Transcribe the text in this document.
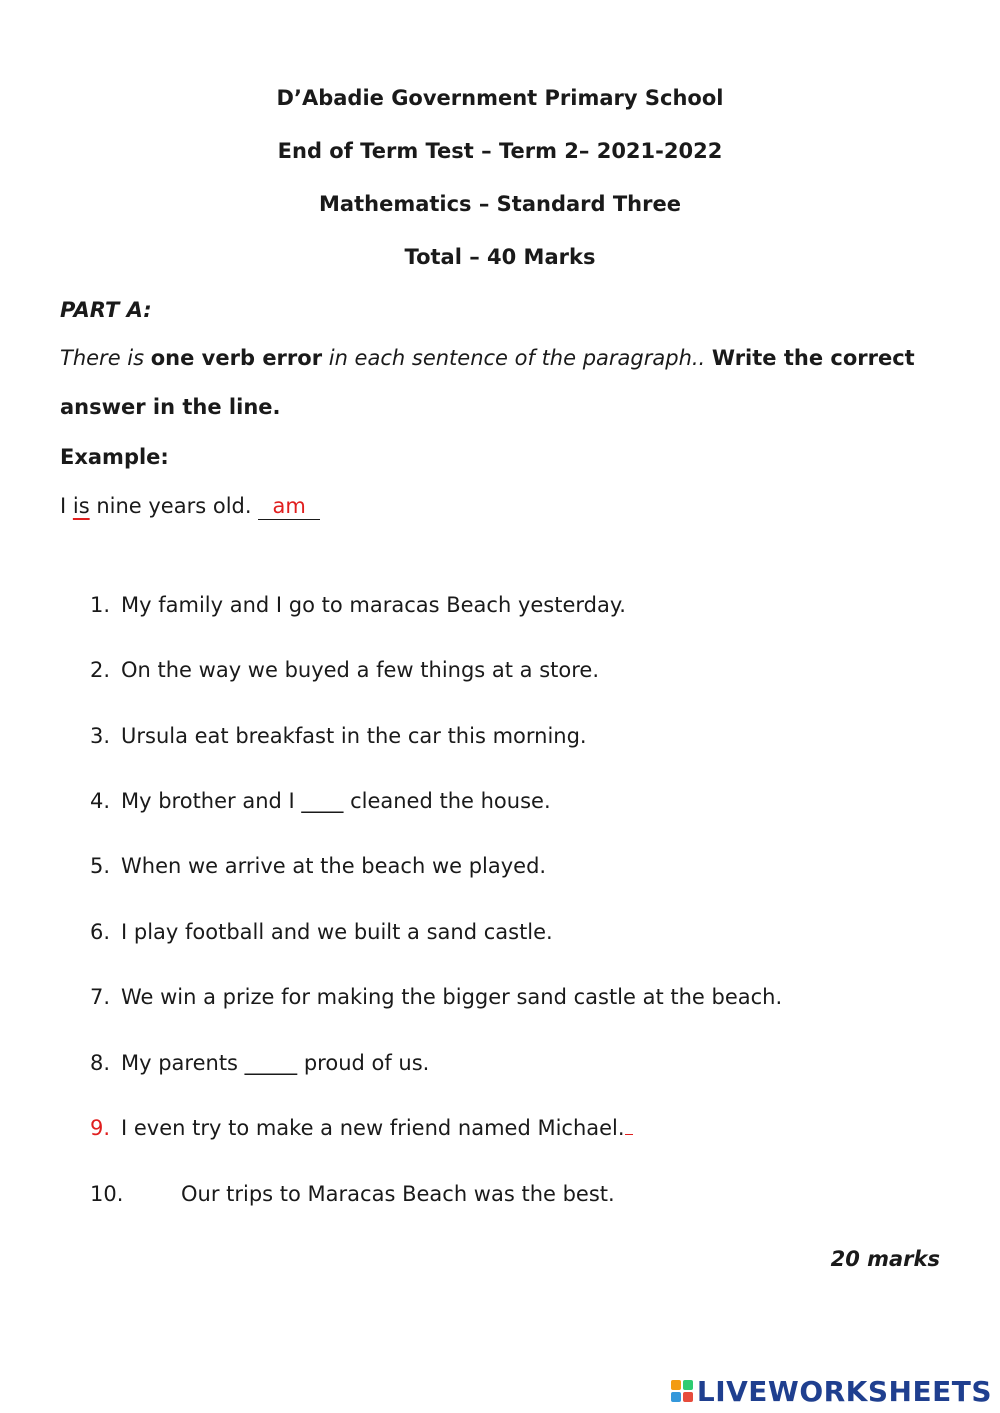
D’Abadie Government Primary School
End of Term Test – Term 2– 2021-2022
Mathematics – Standard Three
Total – 40 Marks
PART A:
There is one verb error in each sentence of the paragraph.. Write the correct
answer in the line.
Example:
I is nine years old. am
1. My family and I go to maracas Beach yesterday.
2. On the way we buyed a few things at a store.
3. Ursula eat breakfast in the car this morning.
4. My brother and I ____ cleaned the house.
5. When we arrive at the beach we played.
6. I play football and we built a sand castle.
7. We win a prize for making the bigger sand castle at the beach.
8. My parents _____ proud of us.
9. I even try to make a new friend named Michael.
10.	Our trips to Maracas Beach was the best.
20 marks
LIVEWORKSHEETS
